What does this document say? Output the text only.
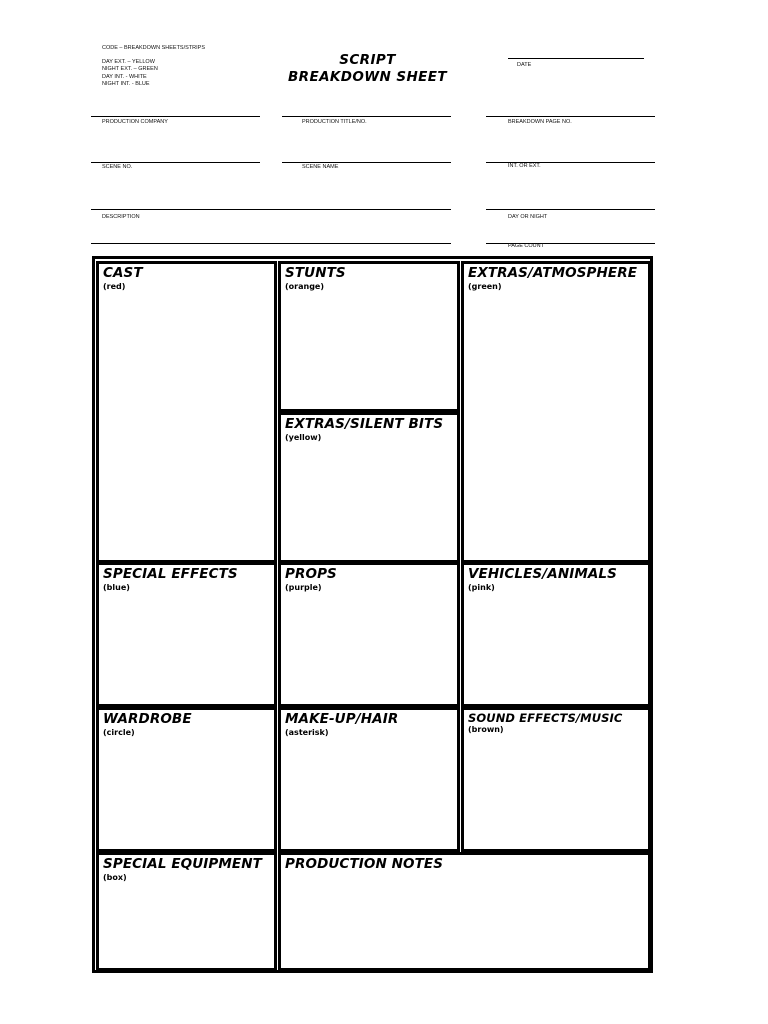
CODE – BREAKDOWN SHEETS/STRIPS
DAY EXT. – YELLOW
NIGHT EXT. – GREEN
DAY INT. - WHITE
NIGHT INT. - BLUE
SCRIPT
BREAKDOWN SHEET
DATE
PRODUCTION COMPANY	PRODUCTION TITLE/NO.	BREAKDOWN PAGE NO.
SCENE NO.	SCENE NAME	INT. OR EXT.
DESCRIPTION	DAY OR NIGHT
PAGE COUNT
CAST
(red)
STUNTS
(orange)
EXTRAS/ATMOSPHERE
(green)
EXTRAS/SILENT BITS
(yellow)
SPECIAL EFFECTS
(blue)
PROPS
(purple)
VEHICLES/ANIMALS
(pink)
WARDROBE
(circle)
MAKE-UP/HAIR
(asterisk)
SOUND EFFECTS/MUSIC
(brown)
SPECIAL EQUIPMENT
(box)
PRODUCTION NOTES
